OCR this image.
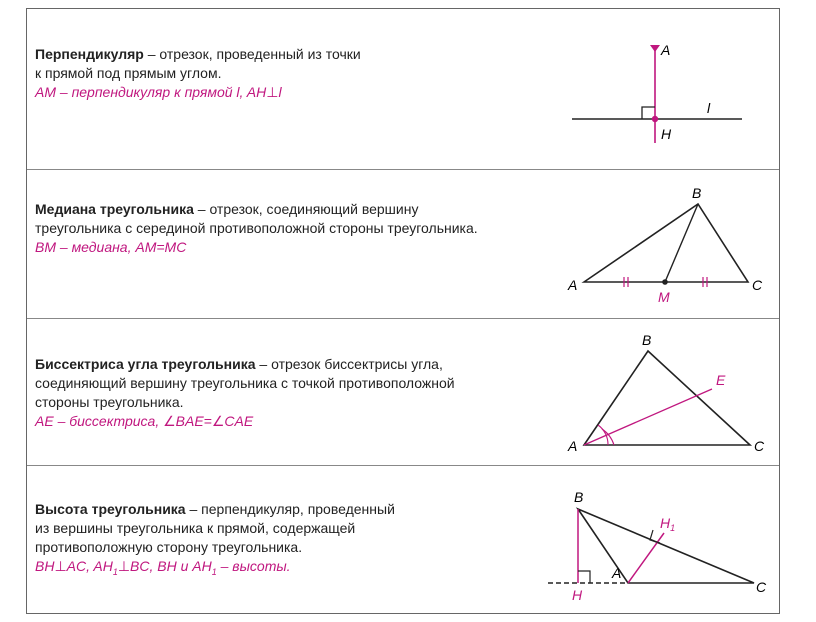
Перпендикуляр – отрезок, проведенный из точки
к прямой под прямым углом.
AM – перпендикуляр к прямой l, AH⊥l
A
H
l
Медиана треугольника – отрезок, соединяющий вершину
треугольника с серединой противоположной стороны треугольника.
BM – медиана, AM=MC
A
B
C
M
Биссектриса угла треугольника – отрезок биссектрисы угла,
соединяющий вершину треугольника с точкой противоположной
стороны треугольника.
AE – биссектриса, ∠BAE=∠CAE
A
B
C
E
Высота треугольника – перпендикуляр, проведенный
из вершины треугольника к прямой, содержащей
противоположную сторону треугольника.
BH⊥AC, $AH_1\perp BC$, BH и $AH_1$ – высоты.
B
A
C
H
$H_1$
